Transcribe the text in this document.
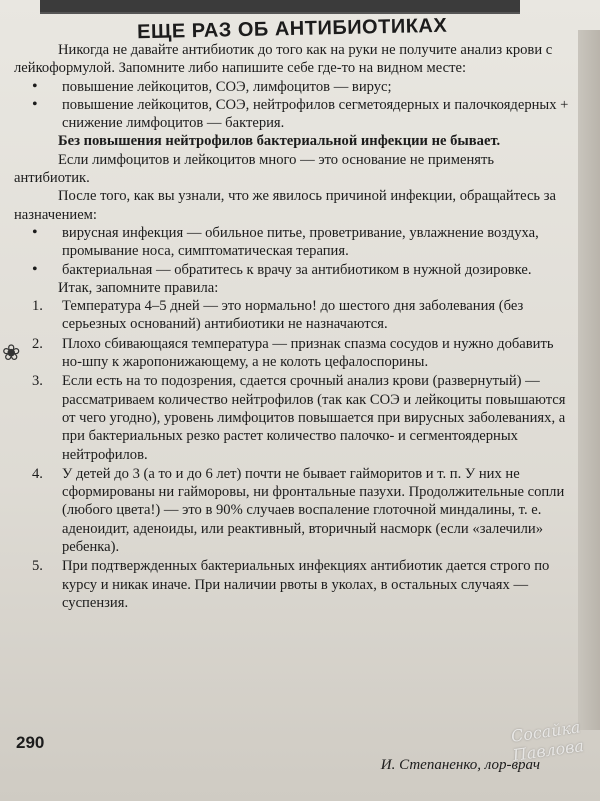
❀
ЕЩЕ РАЗ ОБ АНТИБИОТИКАХ

Никогда не давайте антибиотик до того как на руки не получите анализ крови с лейкоформулой. Запомните либо напишите себе где-то на видном месте:

• повышение лейкоцитов, СОЭ, лимфоцитов — вирус;
• повышение лейкоцитов, СОЭ, нейтрофилов сегметоядерных и палочкоядерных + снижение лимфоцитов — бактерия.

Без повышения нейтрофилов бактериальной инфекции не бывает.

Если лимфоцитов и лейкоцитов много — это основание не применять антибиотик.

После того, как вы узнали, что же явилось причиной инфекции, обращайтесь за назначением:

• вирусная инфекция — обильное питье, проветривание, увлажнение воздуха, промывание носа, симптоматическая терапия.
• бактериальная — обратитесь к врачу за антибиотиком в нужной дозировке.

Итак, запомните правила:

1. Температура 4–5 дней — это нормально! до шестого дня заболевания (без серьезных оснований) антибиотики не назначаются.
2. Плохо сбивающаяся температура — признак спазма сосудов и нужно добавить но-шпу к жаропонижающему, а не колоть цефалоспорины.
3. Если есть на то подозрения, сдается срочный анализ крови (развернутый) — рассматриваем количество нейтрофилов (так как СОЭ и лейкоциты повышаются от чего угодно), уровень лимфоцитов повышается при вирусных заболеваниях, а при бактериальных резко растет количество палочко- и сегментоядерных нейтрофилов.
4. У детей до 3 (а то и до 6 лет) почти не бывает гайморитов и т. п. У них не сформированы ни гайморовы, ни фронтальные пазухи. Продолжительные сопли (любого цвета!) — это в 90% случаев воспаление глоточной миндалины, т. е. аденоидит, аденоиды, или реактивный, вторичный насморк (если «залечили» ребенка).
5. При подтвержденных бактериальных инфекциях антибиотик дается строго по курсу и никак иначе. При наличии рвоты в уколах, в остальных случаях — суспензия.
290
И. Степаненко, лор-врач
Сосайка Павлова
